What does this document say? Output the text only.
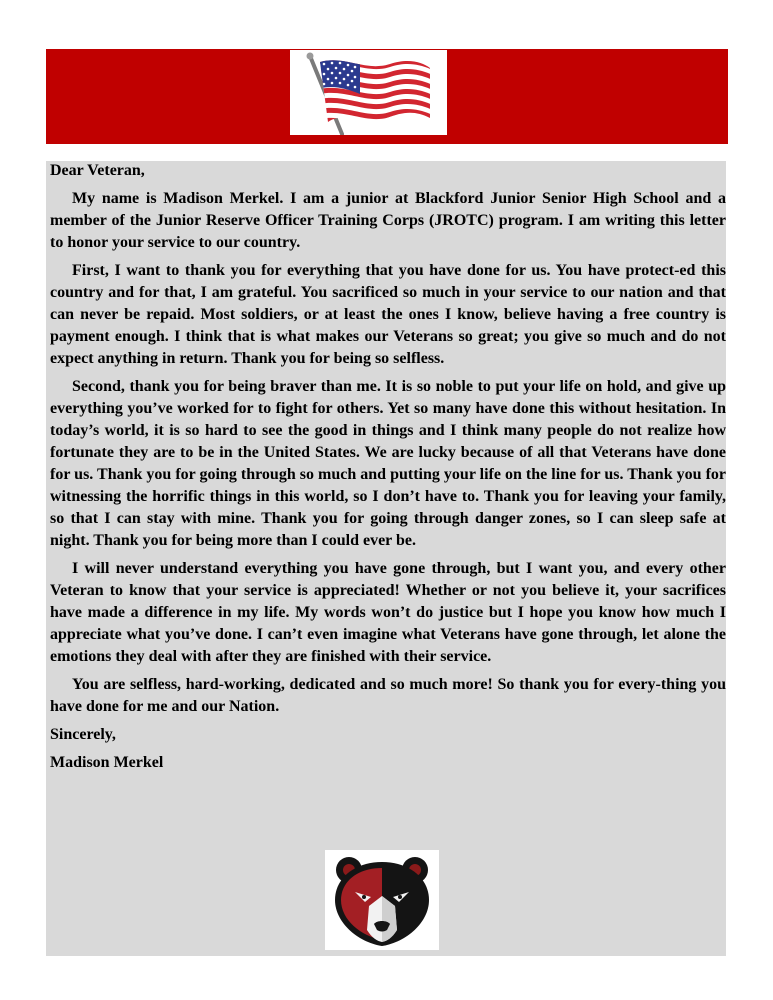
Dear Veteran,

My name is Madison Merkel. I am a junior at Blackford Junior Senior High School and a member of the Junior Reserve Officer Training Corps (JROTC) program. I am writing this letter to honor your service to our country.

First, I want to thank you for everything that you have done for us. You have protect-ed this country and for that, I am grateful. You sacrificed so much in your service to our nation and that can never be repaid. Most soldiers, or at least the ones I know, believe having a free country is payment enough. I think that is what makes our Veterans so great; you give so much and do not expect anything in return. Thank you for being so selfless.

Second, thank you for being braver than me. It is so noble to put your life on hold, and give up everything you’ve worked for to fight for others. Yet so many have done this without hesitation. In today’s world, it is so hard to see the good in things and I think many people do not realize how fortunate they are to be in the United States. We are lucky because of all that Veterans have done for us. Thank you for going through so much and putting your life on the line for us. Thank you for witnessing the horrific things in this world, so I don’t have to. Thank you for leaving your family, so that I can stay with mine. Thank you for going through danger zones, so I can sleep safe at night. Thank you for being more than I could ever be.

I will never understand everything you have gone through, but I want you, and every other Veteran to know that your service is appreciated! Whether or not you believe it, your sacrifices have made a difference in my life. My words won’t do justice but I hope you know how much I appreciate what you’ve done. I can’t even imagine what Veterans have gone through, let alone the emotions they deal with after they are finished with their service.

You are selfless, hard-working, dedicated and so much more! So thank you for every-thing you have done for me and our Nation.

Sincerely,

Madison Merkel
